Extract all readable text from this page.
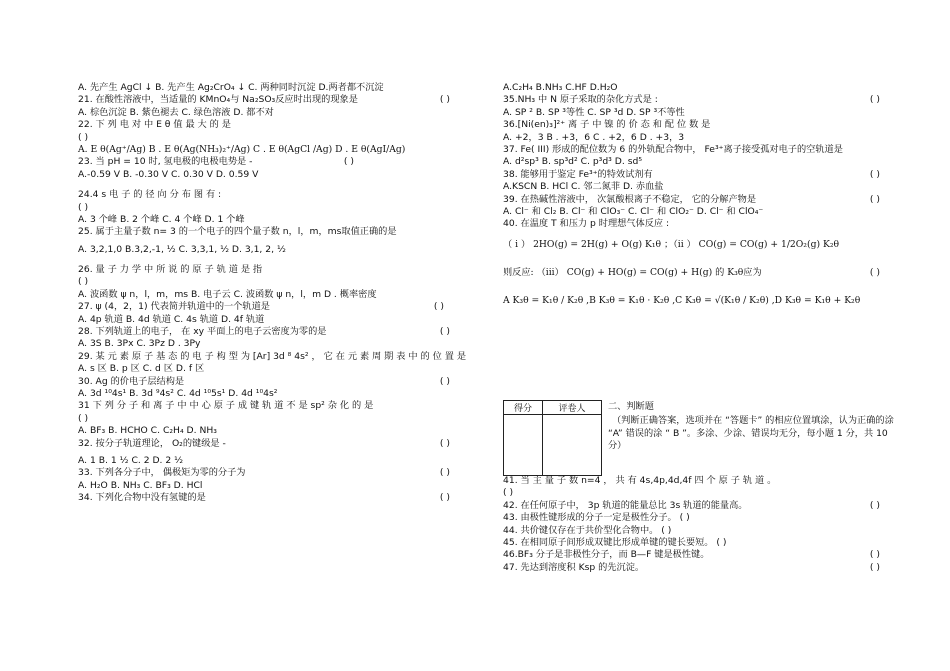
A. 先产生 AgCl ↓ B. 先产生 Ag₂CrO₄ ↓ C. 两种同时沉淀 D.两者都不沉淀
21. 在酸性溶液中，当适量的 KMnO₄与 Na₂SO₃反应时出现的现象是	( )
A. 棕色沉淀 B. 紫色褪去 C. 绿色溶液 D. 都不对
22. 下 列 电 对 中 E θ 值 最 大 的 是
( )
A. E θ(Ag⁺/Ag) B . E θ(Ag(NH₃)₂⁺/Ag) C . E θ(AgCl /Ag) D . E θ(AgI/Ag)
23. 当 pH = 10 时, 氢电极的电极电势是 -	( )
A.-0.59 V B. -0.30 V C. 0.30 V D. 0.59 V
24.4 s 电 子 的 径 向 分 布 图 有 :
( )
A. 3 个峰 B. 2 个峰 C. 4 个峰 D. 1 个峰
25. 属于主量子数 n= 3 的一个电子的四个量子数 n，l，m，ms取值正确的是
A. 3,2,1,0 B.3,2,-1, ½ C. 3,3,1, ½ D. 3,1, 2, ½
26. 量 子 力 学 中 所 说 的 原 子 轨 道 是 指
( )
A. 波函数 ψ n，l，m，ms B. 电子云 C. 波函数 ψ n，l，m D . 概率密度
27. ψ (4，2，1) 代表简并轨道中的一个轨道是	( )
A. 4p 轨道 B. 4d 轨道 C. 4s 轨道 D. 4f 轨道
28. 下列轨道上的电子， 在 xy 平面上的电子云密度为零的是	( )
A. 3S B. 3Px C. 3Pz D . 3Py
29. 某 元 素 原 子 基 态 的 电 子 构 型 为 [Ar] 3d ⁸ 4s² ， 它 在 元 素 周 期 表 中 的 位 置 是
A. s 区 B. p 区 C. d 区 D. f 区
30. Ag 的价电子层结构是	( )
A. 3d ¹⁰4s¹ B. 3d ⁹4s² C. 4d ¹⁰5s¹ D. 4d ¹⁰4s²
31 下 列 分 子 和 离 子 中 中 心 原 子 成 键 轨 道 不 是 sp² 杂 化 的 是
( )
A. BF₃ B. HCHO C. C₂H₄ D. NH₃
32. 按分子轨道理论， O₂的键级是 -	( )
A. 1 B. 1 ½ C. 2 D. 2 ½
33. 下列各分子中， 偶极矩为零的分子为	( )
A. H₂O B. NH₃ C. BF₃ D. HCl
34. 下列化合物中没有氢键的是	( )
A.C₂H₄ B.NH₃ C.HF D.H₂O
35.NH₃ 中 N 原子采取的杂化方式是 :	( )
A. SP ² B. SP ³等性 C. SP ³d D. SP ³不等性
36.[Ni(en)₃]²⁺ 离 子 中 镍 的 价 态 和 配 位 数 是
A. +2，3 B . +3，6 C . +2，6 D . +3，3
37. Fe( III) 形成的配位数为 6 的外轨配合物中， Fe³⁺离子接受孤对电子的空轨道是
A. d²sp³ B. sp³d² C. p³d³ D. sd⁵
38. 能够用于鉴定 Fe³⁺的特效试剂有	( )
A.KSCN B. HCl C. 邻二氮菲 D. 赤血盐
39. 在热碱性溶液中， 次氯酸根离子不稳定， 它的分解产物是	( )
A. Cl⁻ 和 Cl₂ B. Cl⁻ 和 ClO₃⁻ C. Cl⁻ 和 ClO₂⁻ D. Cl⁻ 和 ClO₄⁻
40. 在温度 T 和压力 p 时理想气体反应 :
（ i ） 2HO(g) = 2H(g) + O(g) K₁θ ；（ii ） CO(g) = CO(g) + 1/2O₂(g) K₂θ
则反应: （iii） CO(g) + HO(g) = CO(g) + H(g) 的 K₃θ应为	( )
A K₃θ = K₁θ / K₂θ ,B K₃θ = K₁θ · K₂θ ,C K₃θ = √(K₁θ / K₂θ) ,D K₃θ = K₁θ + K₂θ
得分	评卷人
	二、判断题
（判断正确答案，选项并在 “答题卡” 的相应位置填涂，认为正确的涂 “A” 错误的涂 “ B ”。多涂、少涂、错误均无分，每小题 1 分，共 10分）
41. 当 主 量 子 数 n=4 ， 共 有 4s,4p,4d,4f 四 个 原 子 轨 道 。
( )
42. 在任何原子中， 3p 轨道的能量总比 3s 轨道的能量高。	( )
43. 由极性键形成的分子一定是极性分子。 ( )
44. 共价键仅存在于共价型化合物中。 ( )
45. 在相同原子间形成双键比形成单键的键长要短。 ( )
46.BF₃ 分子是非极性分子，而 B—F 键是极性键。	( )
47. 先达到溶度积 Ksp 的先沉淀。	( )
